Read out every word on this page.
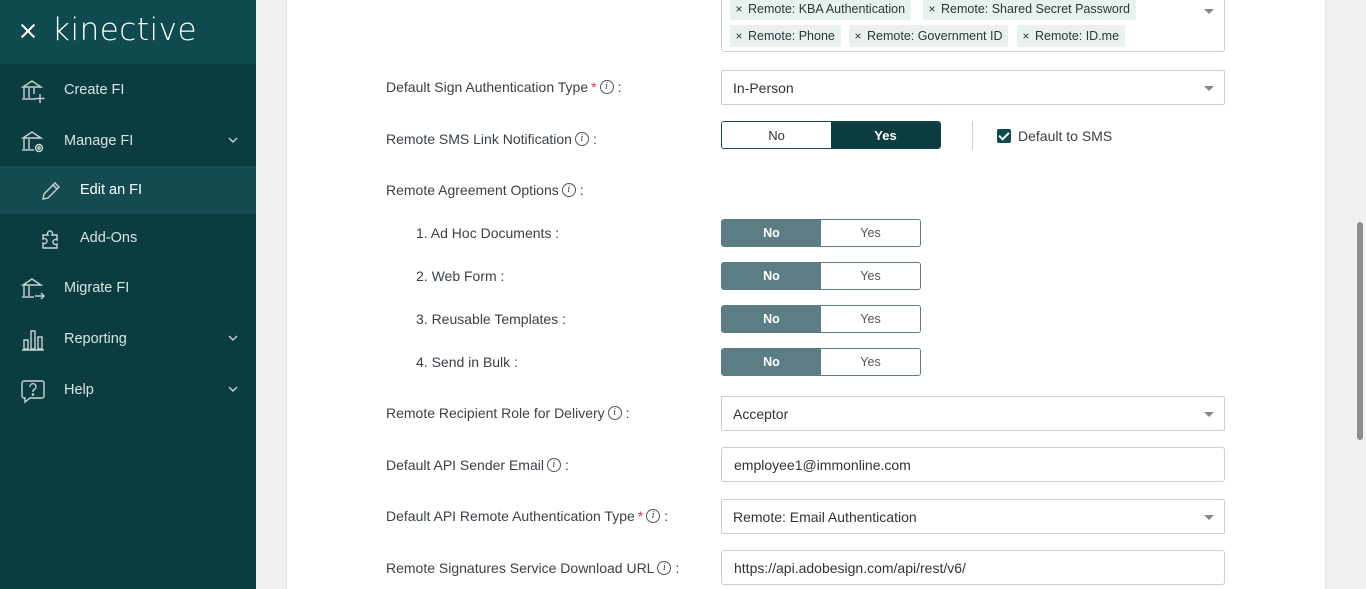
kinective
Create FI
Manage FI
Edit an FI
Add-Ons
Migrate FI
Reporting
Help
× Remote: KBA Authentication	× Remote: Shared Secret Password
× Remote: Phone	× Remote: Government ID	× Remote: ID.me
Default Sign Authentication Type * i :	In-Person
Remote SMS Link Notification i :	No	Yes	Default to SMS
Remote Agreement Options i :
1. Ad Hoc Documents :	No	Yes
2. Web Form :	No	Yes
3. Reusable Templates :	No	Yes
4. Send in Bulk :	No	Yes
Remote Recipient Role for Delivery i :	Acceptor
Default API Sender Email i :
employee1@immonline.com
Default API Remote Authentication Type * i :	Remote: Email Authentication
Remote Signatures Service Download URL i :
https://api.adobesign.com/api/rest/v6/
